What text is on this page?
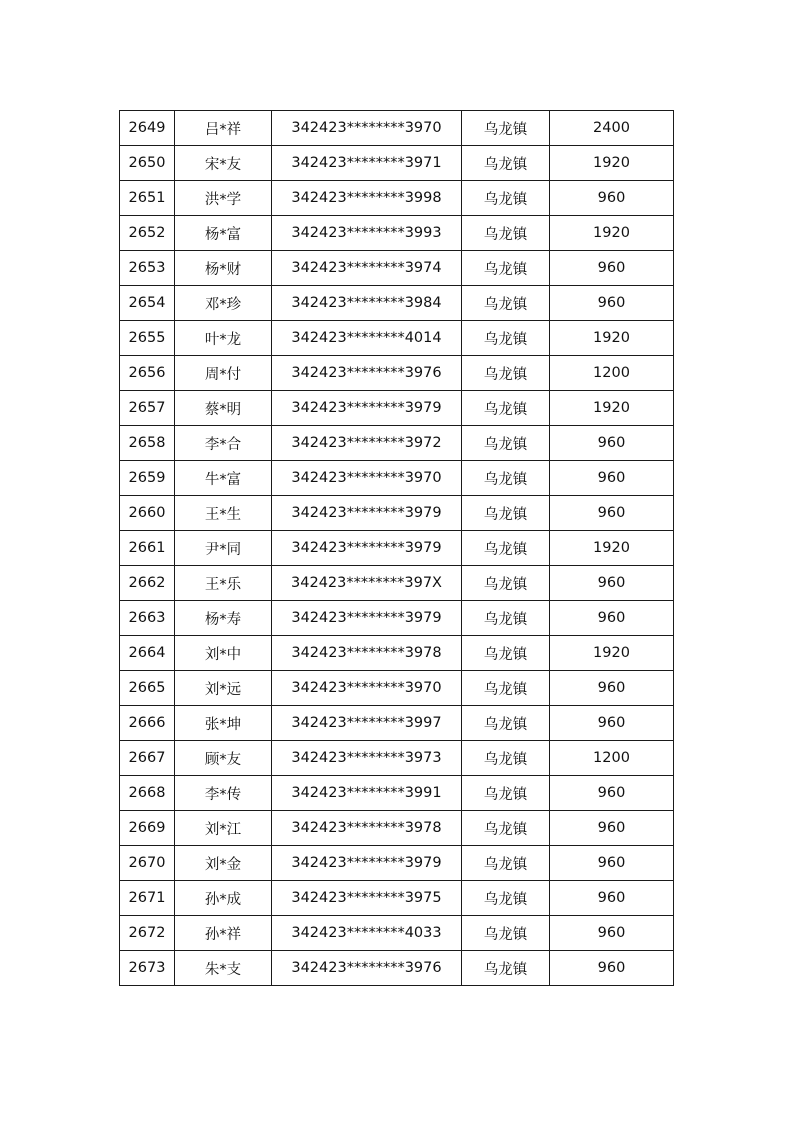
2649	吕*祥	342423********3970	乌龙镇	2400
2650	宋*友	342423********3971	乌龙镇	1920
2651	洪*学	342423********3998	乌龙镇	960
2652	杨*富	342423********3993	乌龙镇	1920
2653	杨*财	342423********3974	乌龙镇	960
2654	邓*珍	342423********3984	乌龙镇	960
2655	叶*龙	342423********4014	乌龙镇	1920
2656	周*付	342423********3976	乌龙镇	1200
2657	蔡*明	342423********3979	乌龙镇	1920
2658	李*合	342423********3972	乌龙镇	960
2659	牛*富	342423********3970	乌龙镇	960
2660	王*生	342423********3979	乌龙镇	960
2661	尹*同	342423********3979	乌龙镇	1920
2662	王*乐	342423********397X	乌龙镇	960
2663	杨*寿	342423********3979	乌龙镇	960
2664	刘*中	342423********3978	乌龙镇	1920
2665	刘*远	342423********3970	乌龙镇	960
2666	张*坤	342423********3997	乌龙镇	960
2667	顾*友	342423********3973	乌龙镇	1200
2668	李*传	342423********3991	乌龙镇	960
2669	刘*江	342423********3978	乌龙镇	960
2670	刘*金	342423********3979	乌龙镇	960
2671	孙*成	342423********3975	乌龙镇	960
2672	孙*祥	342423********4033	乌龙镇	960
2673	朱*支	342423********3976	乌龙镇	960
